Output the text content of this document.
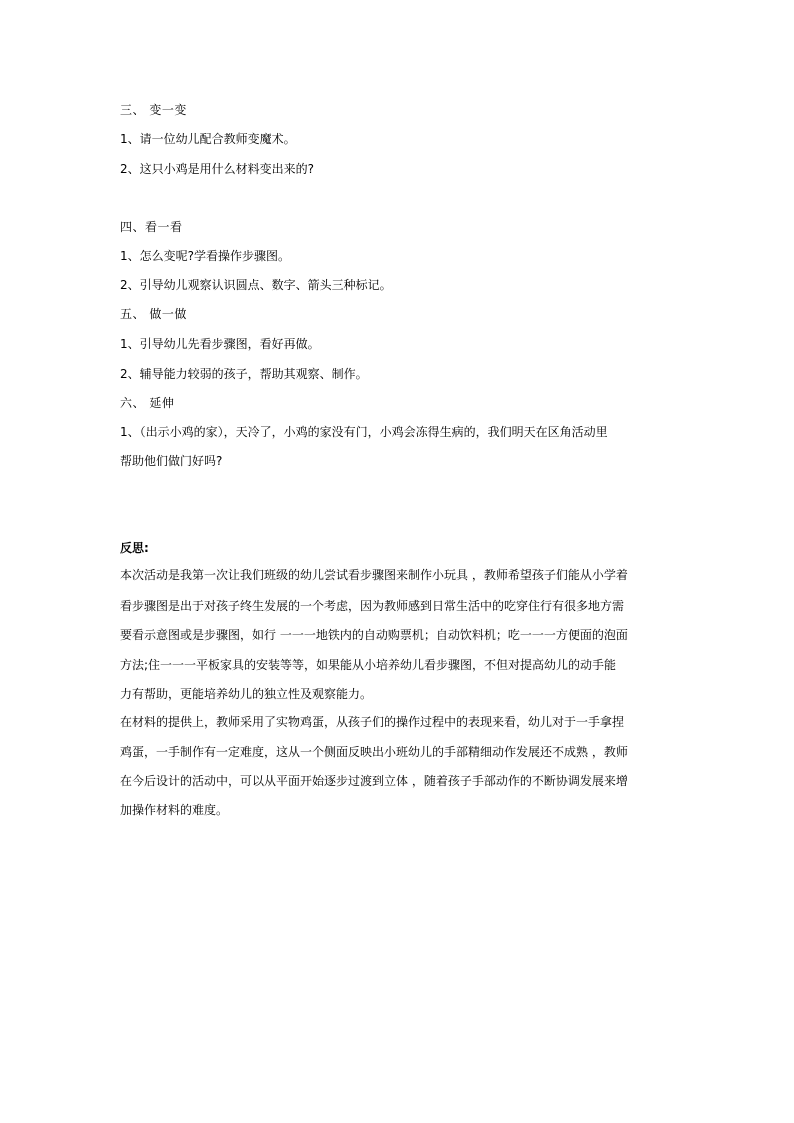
三、 变一变
1、请一位幼儿配合教师变魔术。
2、这只小鸡是用什么材料变出来的?
四、看一看
1、怎么变呢?学看操作步骤图。
2、引导幼儿观察认识圆点、数字、箭头三种标记。
五、 做一做
1、引导幼儿先看步骤图，看好再做。
2、辅导能力较弱的孩子，帮助其观察、制作。
六、 延伸
1、（出示小鸡的家），天冷了，小鸡的家没有门，小鸡会冻得生病的，我们明天在区角活动里
帮助他们做门好吗?
反思:
本次活动是我第一次让我们班级的幼儿尝试看步骤图来制作小玩具 ，教师希望孩子们能从小学着
看步骤图是出于对孩子终生发展的一个考虑，因为教师感到日常生活中的吃穿住行有很多地方需
要看示意图或是步骤图，如行 一一一地铁内的自动购票机；自动饮料机；吃一一一方便面的泡面
方法;住一一一平板家具的安装等等，如果能从小培养幼儿看步骤图，不但对提高幼儿的动手能
力有帮助，更能培养幼儿的独立性及观察能力。
在材料的提供上，教师采用了实物鸡蛋，从孩子们的操作过程中的表现来看，幼儿对于一手拿捏
鸡蛋，一手制作有一定难度，这从一个侧面反映出小班幼儿的手部精细动作发展还不成熟 ，教师
在今后设计的活动中，可以从平面开始逐步过渡到立体 ，随着孩子手部动作的不断协调发展来增
加操作材料的难度。
